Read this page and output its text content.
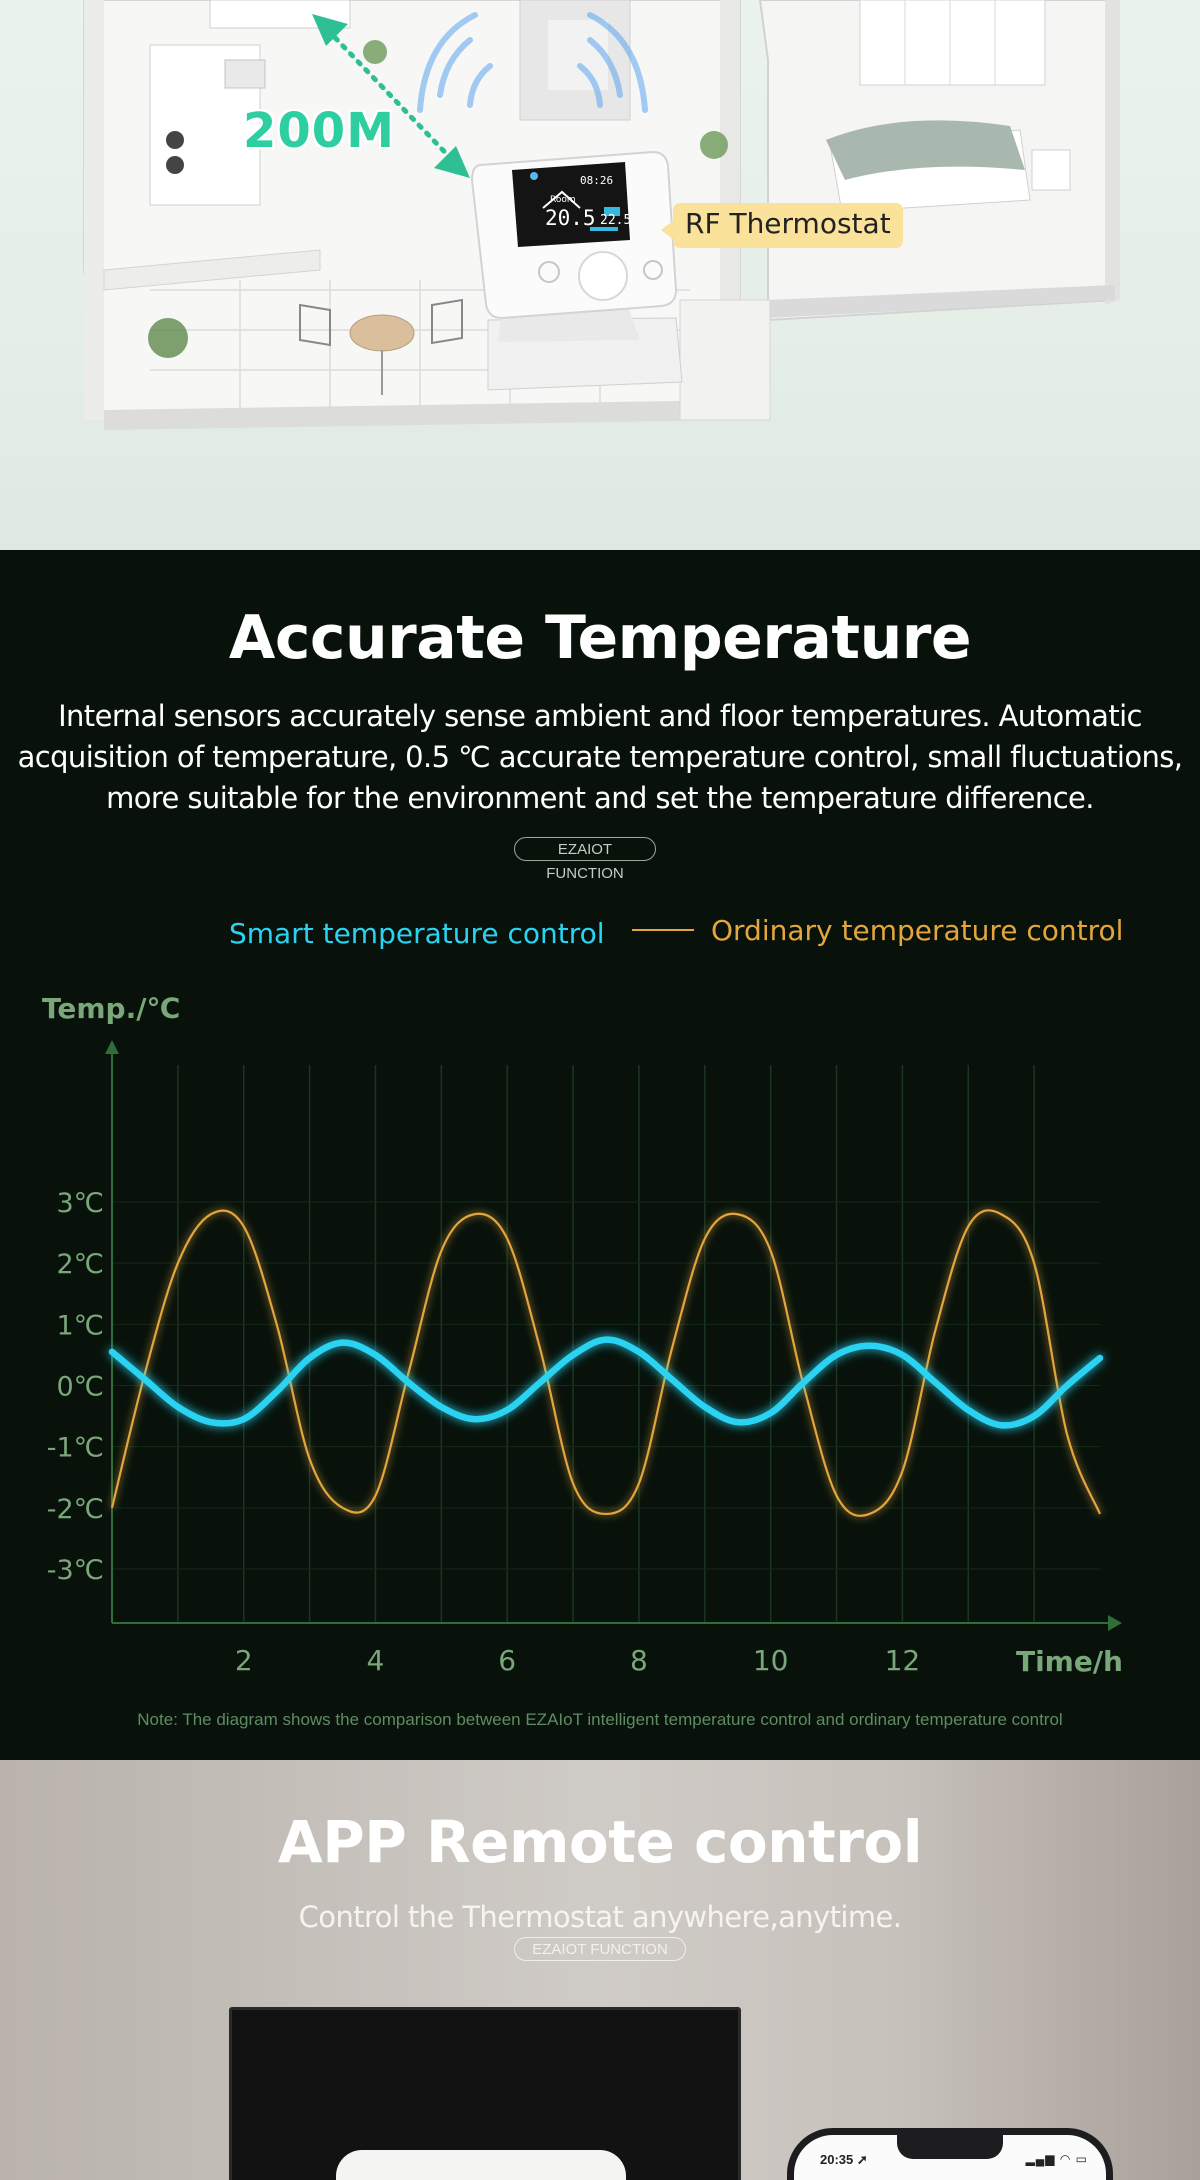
Room
08:26
20.5 22.5
200M
RF Thermostat
Accurate Temperature

Internal sensors accurately sense ambient and floor temperatures. Automatic acquisition of temperature, 0.5 ℃ accurate temperature control, small fluctuations, more suitable for the environment and set the temperature difference.

EZAIOT FUNCTION
Smart temperature control	Ordinary temperature control
Temp./℃
3℃
2℃
1℃
0℃
-1℃
-2℃
-3℃
2	4	6	8	10	12	Time/h
Note: The diagram shows the comparison between EZAIoT intelligent temperature control and ordinary temperature control
APP Remote control
Control the Thermostat anywhere,anytime.
20:35 ➚	▂▄▆ ◠ ▭
EZAIOT FUNCTION
